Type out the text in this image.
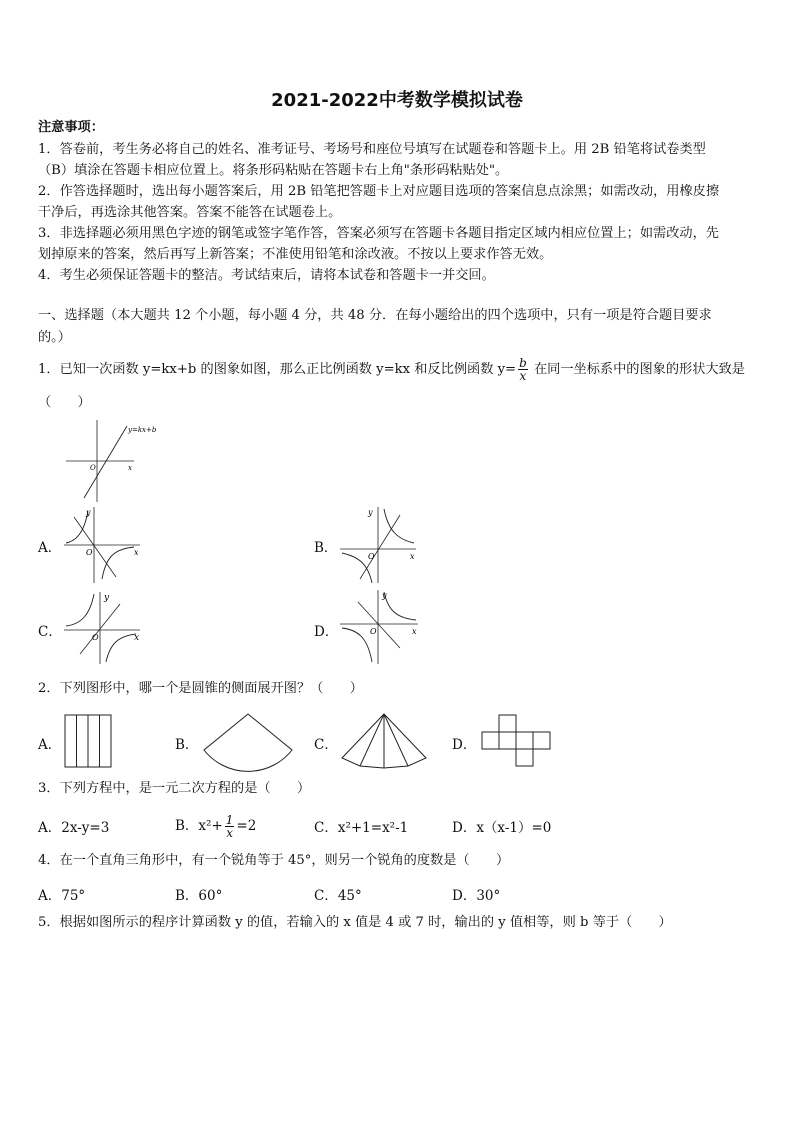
2021-2022中考数学模拟试卷
注意事项：
1．答卷前，考生务必将自己的姓名、准考证号、考场号和座位号填写在试题卷和答题卡上。用 2B 铅笔将试卷类型
（B）填涂在答题卡相应位置上。将条形码粘贴在答题卡右上角"条形码粘贴处"。
2．作答选择题时，选出每小题答案后，用 2B 铅笔把答题卡上对应题目选项的答案信息点涂黑；如需改动，用橡皮擦
干净后，再选涂其他答案。答案不能答在试题卷上。
3．非选择题必须用黑色字迹的钢笔或签字笔作答，答案必须写在答题卡各题目指定区域内相应位置上；如需改动，先
划掉原来的答案，然后再写上新答案；不准使用铅笔和涂改液。不按以上要求作答无效。
4．考生必须保证答题卡的整洁。考试结束后，请将本试卷和答题卡一并交回。
一、选择题（本大题共 12 个小题，每小题 4 分，共 48 分．在每小题给出的四个选项中，只有一项是符合题目要求
的。）
1．已知一次函数 y=kx+b 的图象如图，那么正比例函数 y=kx 和反比例函数 $y= \frac{b}{x}$ 在同一坐标系中的图象的形状大致是
（　　）
y=kx+b
x
O
A．	x
y
O	B．
x
y
O
C．	x
y
O	D．	x
y
O
2．下列图形中，哪一个是圆锥的侧面展开图？（　　）
A．	B．	C．	D．
3．下列方程中，是一元二次方程的是（　　）
A．2x-y=3	B．$x^2+ \frac{1}{x} =2$	C．x²+1=x²-1	D．x（x-1）=0
4．在一个直角三角形中，有一个锐角等于 45°，则另一个锐角的度数是（　　）
A．75°	B．60°	C．45°	D．30°
5．根据如图所示的程序计算函数 y 的值，若输入的 x 值是 4 或 7 时，输出的 y 值相等，则 b 等于（　　）
